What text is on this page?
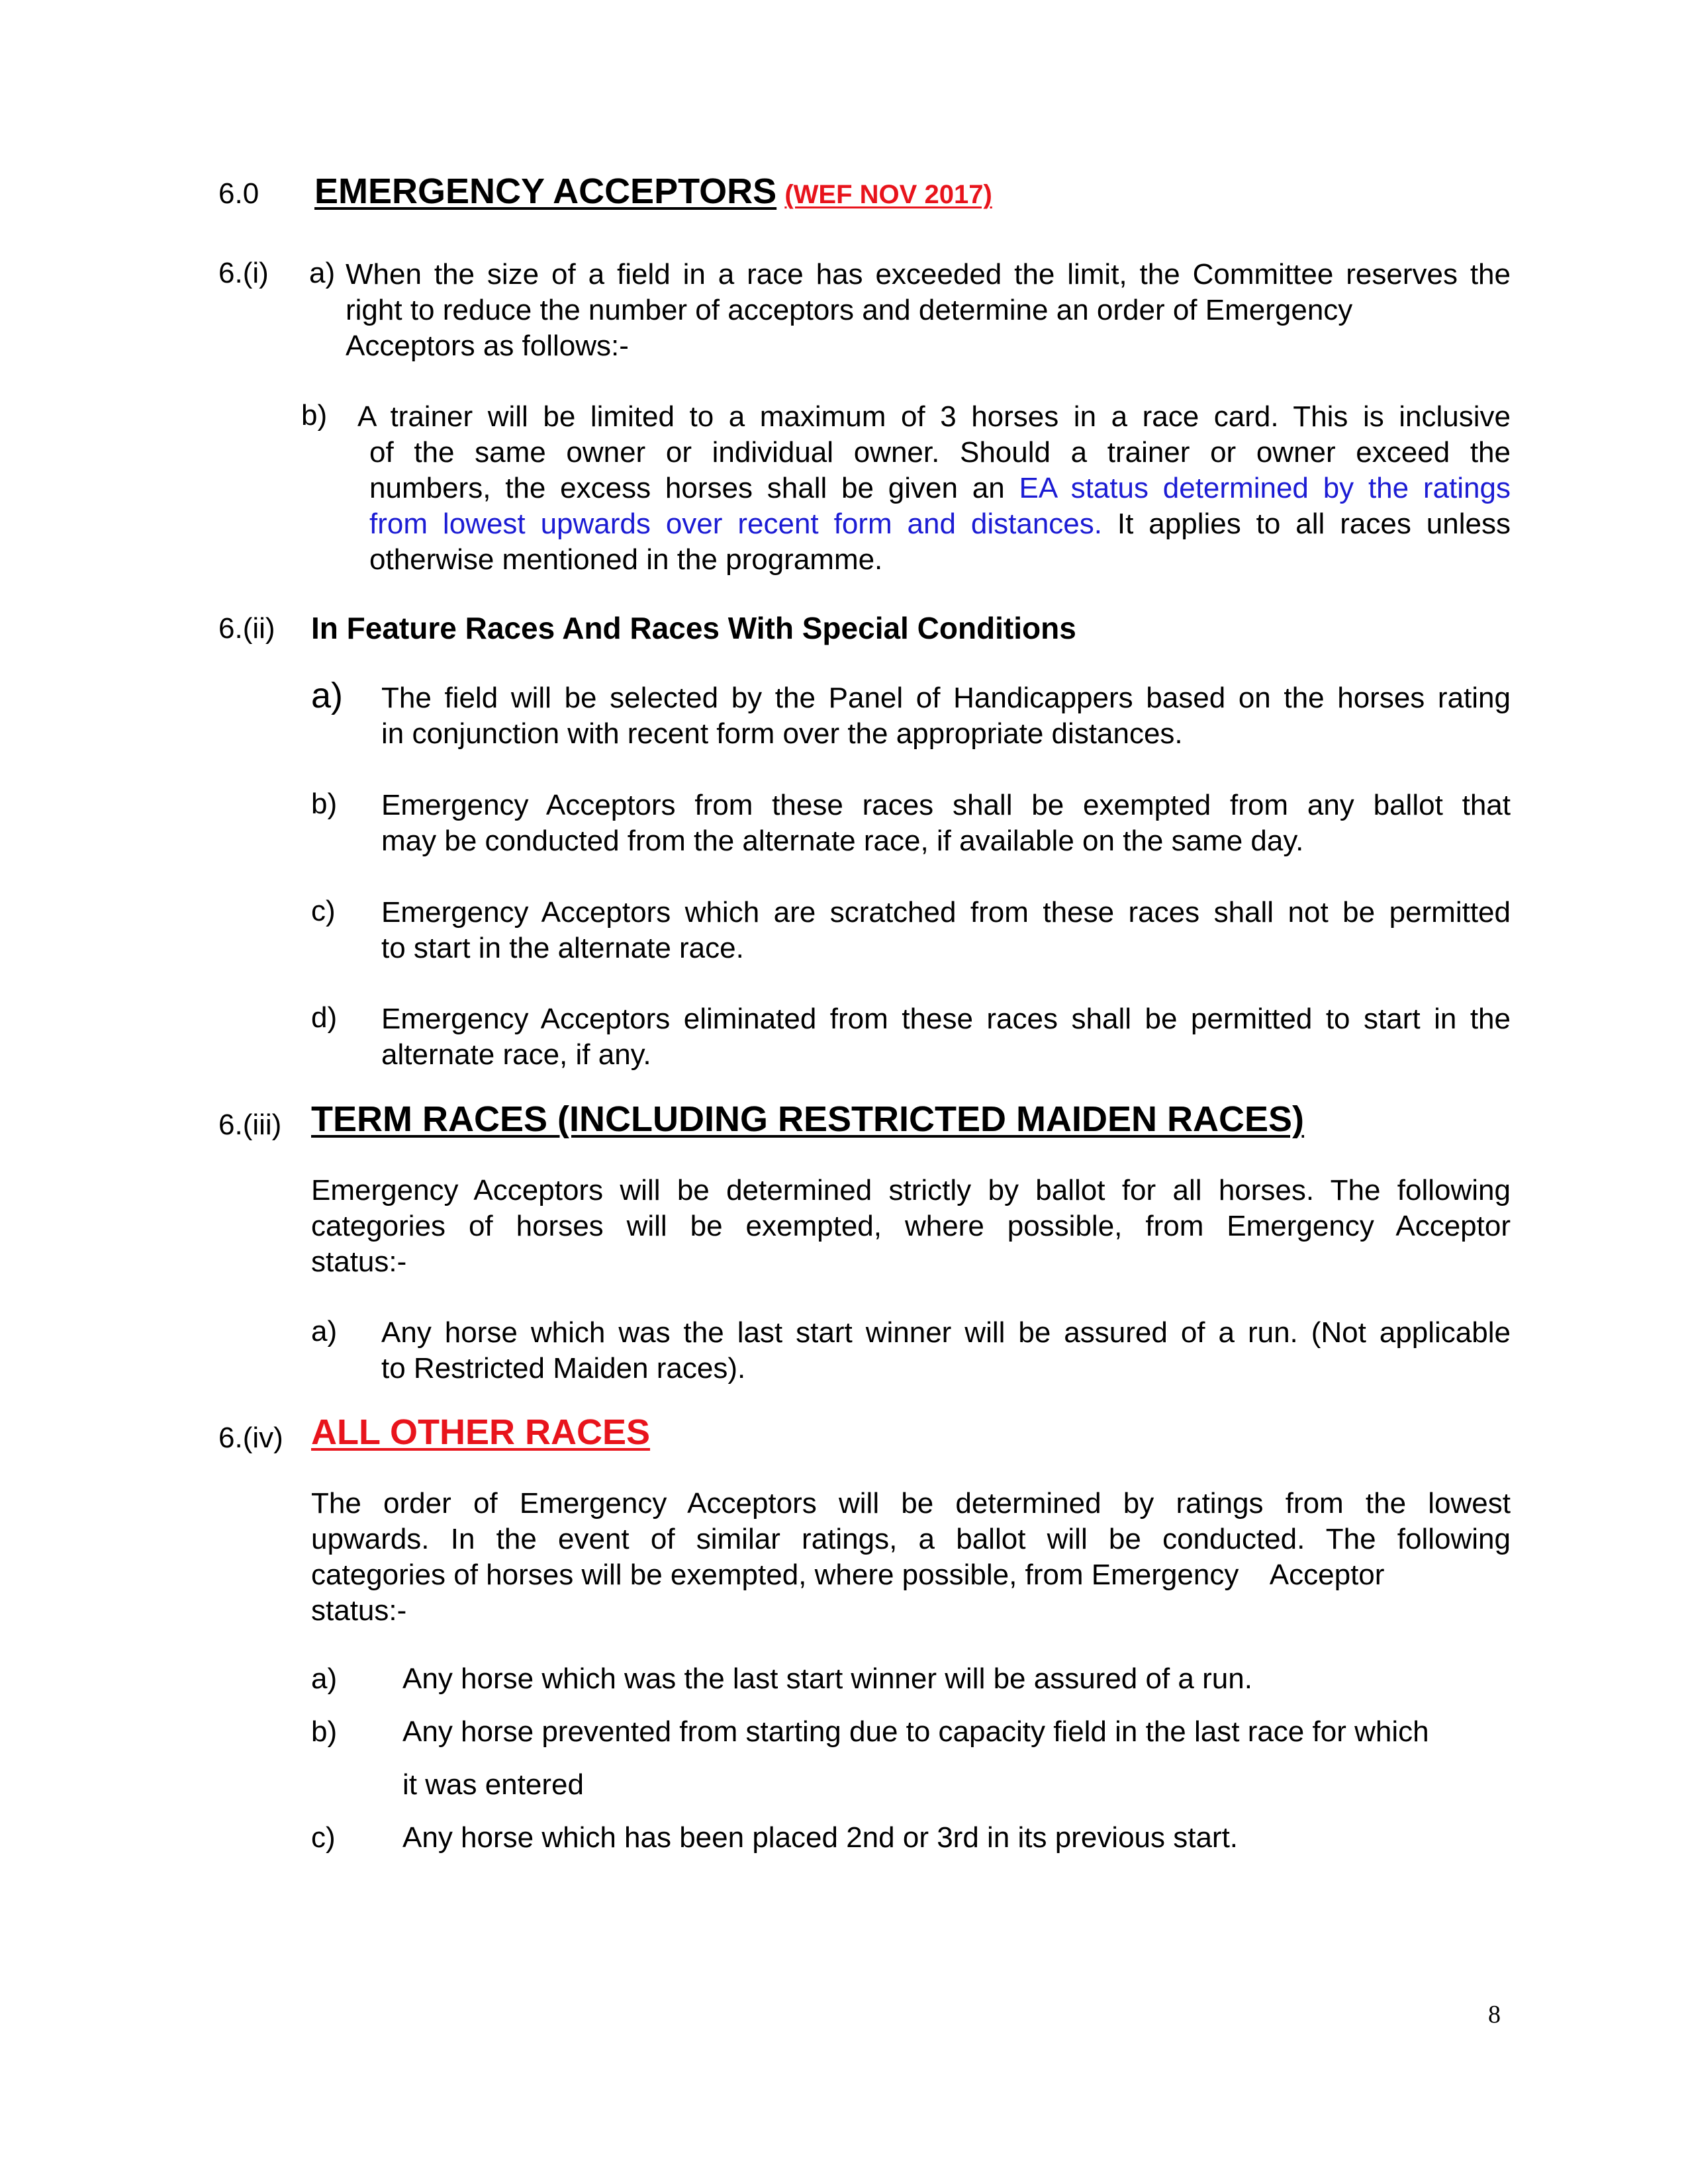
6.0 EMERGENCY ACCEPTORS (WEF NOV 2017)
6.(i) a) When the size of a field in a race has exceeded the limit, the Committee reserves the
right to reduce the number of acceptors and determine an order of Emergency
Acceptors as follows:-
b) A trainer will be limited to a maximum of 3 horses in a race card. This is inclusive
of the same owner or individual owner. Should a trainer or owner exceed the
numbers, the excess horses shall be given an EA status determined by the ratings
from lowest upwards over recent form and distances. It applies to all races unless
otherwise mentioned in the programme.
6.(ii) In Feature Races And Races With Special Conditions
a) The field will be selected by the Panel of Handicappers based on the horses rating
in conjunction with recent form over the appropriate distances.
b) Emergency Acceptors from these races shall be exempted from any ballot that
may be conducted from the alternate race, if available on the same day.
c) Emergency Acceptors which are scratched from these races shall not be permitted
to start in the alternate race.
d) Emergency Acceptors eliminated from these races shall be permitted to start in the
alternate race, if any.
6.(iii) TERM RACES (INCLUDING RESTRICTED MAIDEN RACES)
Emergency Acceptors will be determined strictly by ballot for all horses. The following
categories of horses will be exempted, where possible, from Emergency Acceptor
status:-
a) Any horse which was the last start winner will be assured of a run. (Not applicable
to Restricted Maiden races).
6.(iv) ALL OTHER RACES
The order of Emergency Acceptors will be determined by ratings from the lowest
upwards. In the event of similar ratings, a ballot will be conducted. The following
categories of horses will be exempted, where possible, from Emergency    Acceptor
status:-
a) Any horse which was the last start winner will be assured of a run.
b) Any horse prevented from starting due to capacity field in the last race for which
it was entered
c) Any horse which has been placed 2nd or 3rd in its previous start.
8
